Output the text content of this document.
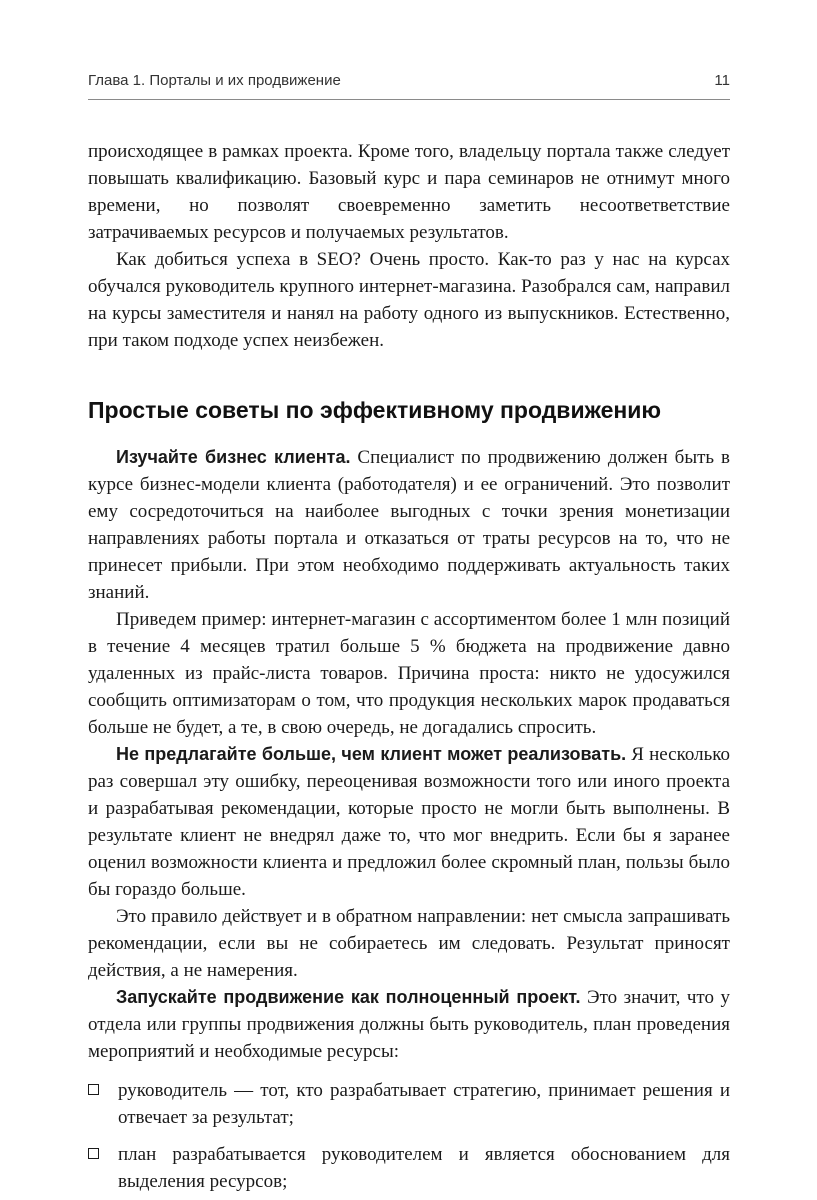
Глава 1. Порталы и их продвижение	11

происходящее в рамках проекта. Кроме того, владельцу портала также следует повышать квалификацию. Базовый курс и пара семинаров не отнимут много времени, но позволят своевременно заметить несоответветствие затрачиваемых ресурсов и получаемых результатов.

Как добиться успеха в SEO? Очень просто. Как-то раз у нас на курсах обучался руководитель крупного интернет-магазина. Разобрался сам, направил на курсы заместителя и нанял на работу одного из выпускников. Естественно, при таком подходе успех неизбежен.

Простые советы по эффективному продвижению

Изучайте бизнес клиента. Специалист по продвижению должен быть в курсе бизнес-модели клиента (работодателя) и ее ограничений. Это позволит ему сосредоточиться на наиболее выгодных с точки зрения монетизации направлениях работы портала и отказаться от траты ресурсов на то, что не принесет прибыли. При этом необходимо поддерживать актуальность таких знаний.

Приведем пример: интернет-магазин с ассортиментом более 1 млн позиций в течение 4 месяцев тратил больше 5 % бюджета на продвижение давно удаленных из прайс-листа товаров. Причина проста: никто не удосужился сообщить оптимизаторам о том, что продукция нескольких марок продаваться больше не будет, а те, в свою очередь, не догадались спросить.

Не предлагайте больше, чем клиент может реализовать. Я несколько раз совершал эту ошибку, переоценивая возможности того или иного проекта и разрабатывая рекомендации, которые просто не могли быть выполнены. В результате клиент не внедрял даже то, что мог внедрить. Если бы я заранее оценил возможности клиента и предложил более скромный план, пользы было бы гораздо больше.

Это правило действует и в обратном направлении: нет смысла запрашивать рекомендации, если вы не собираетесь им следовать. Результат приносят действия, а не намерения.

Запускайте продвижение как полноценный проект. Это значит, что у отдела или группы продвижения должны быть руководитель, план проведения мероприятий и необходимые ресурсы:

руководитель — тот, кто разрабатывает стратегию, принимает решения и отвечает за результат;
план разрабатывается руководителем и является обоснованием для выделения ресурсов;
